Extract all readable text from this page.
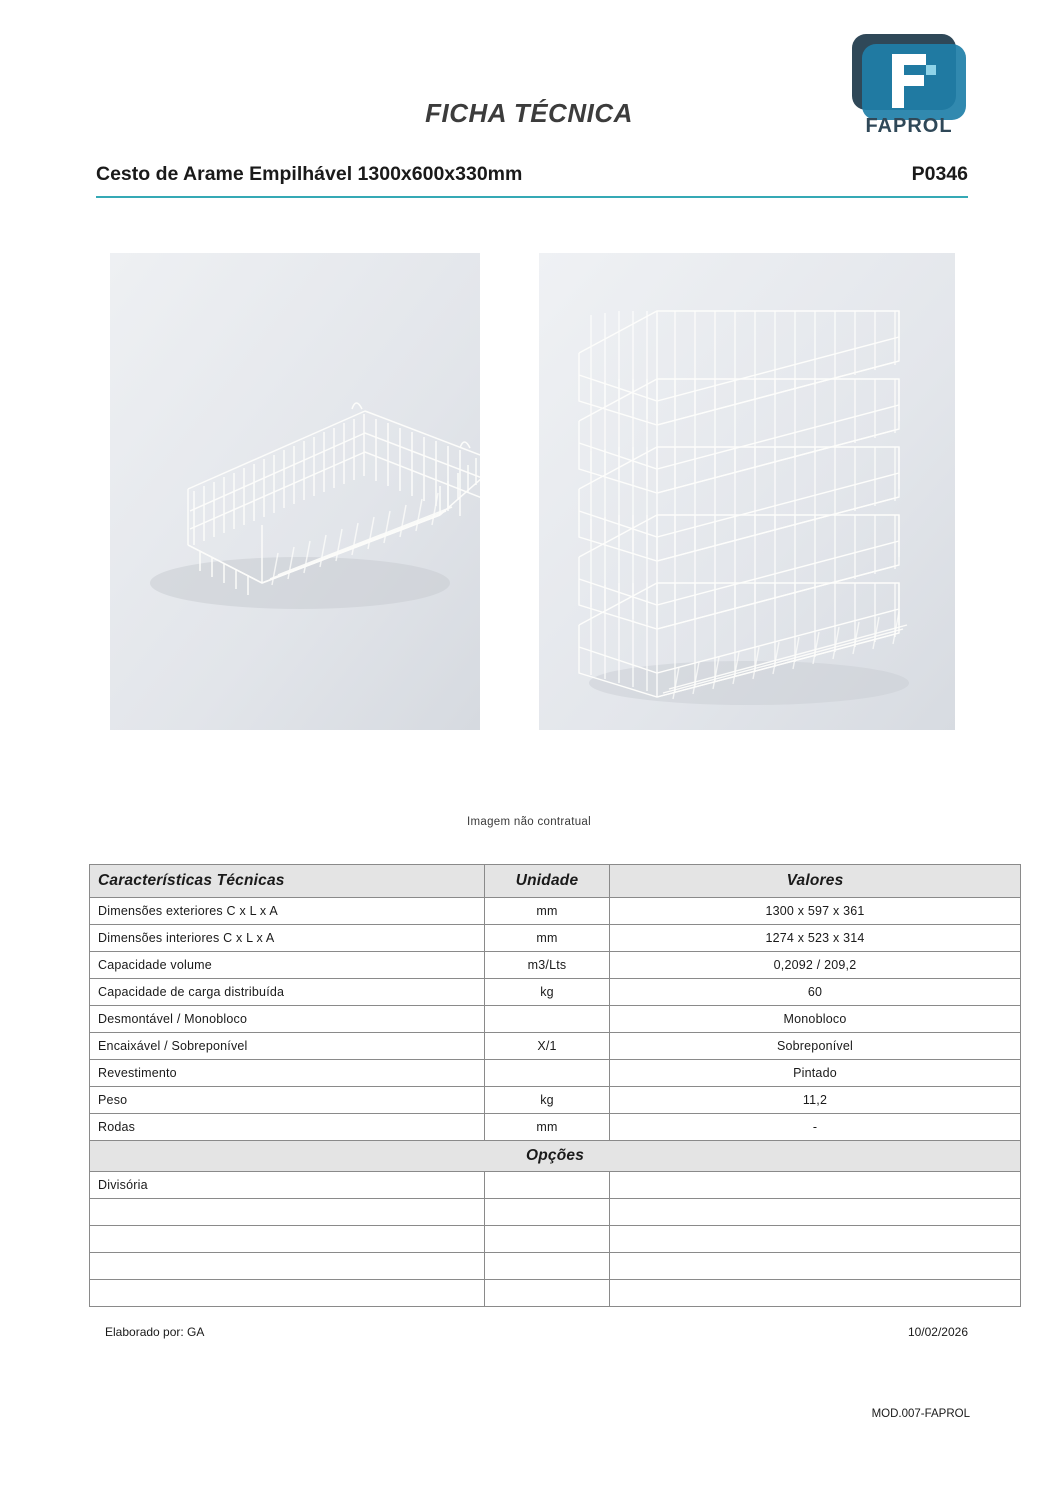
FAPROL
FICHA TÉCNICA
Cesto de Arame Empilhável 1300x600x330mm	P0346
Imagem não contratual
Características Técnicas	Unidade	Valores
Dimensões exteriores C x L x A	mm	1300 x 597 x 361
Dimensões interiores C x L x A	mm	1274 x 523 x 314
Capacidade volume	m3/Lts	0,2092 / 209,2
Capacidade de carga distribuída	kg	60
Desmontável / Monobloco		Monobloco
Encaixável / Sobreponível	X/1	Sobreponível
Revestimento		Pintado
Peso	kg	11,2
Rodas	mm	-
Opções		
Divisória		

Elaborado por: GA	10/02/2026
MOD.007-FAPROL
